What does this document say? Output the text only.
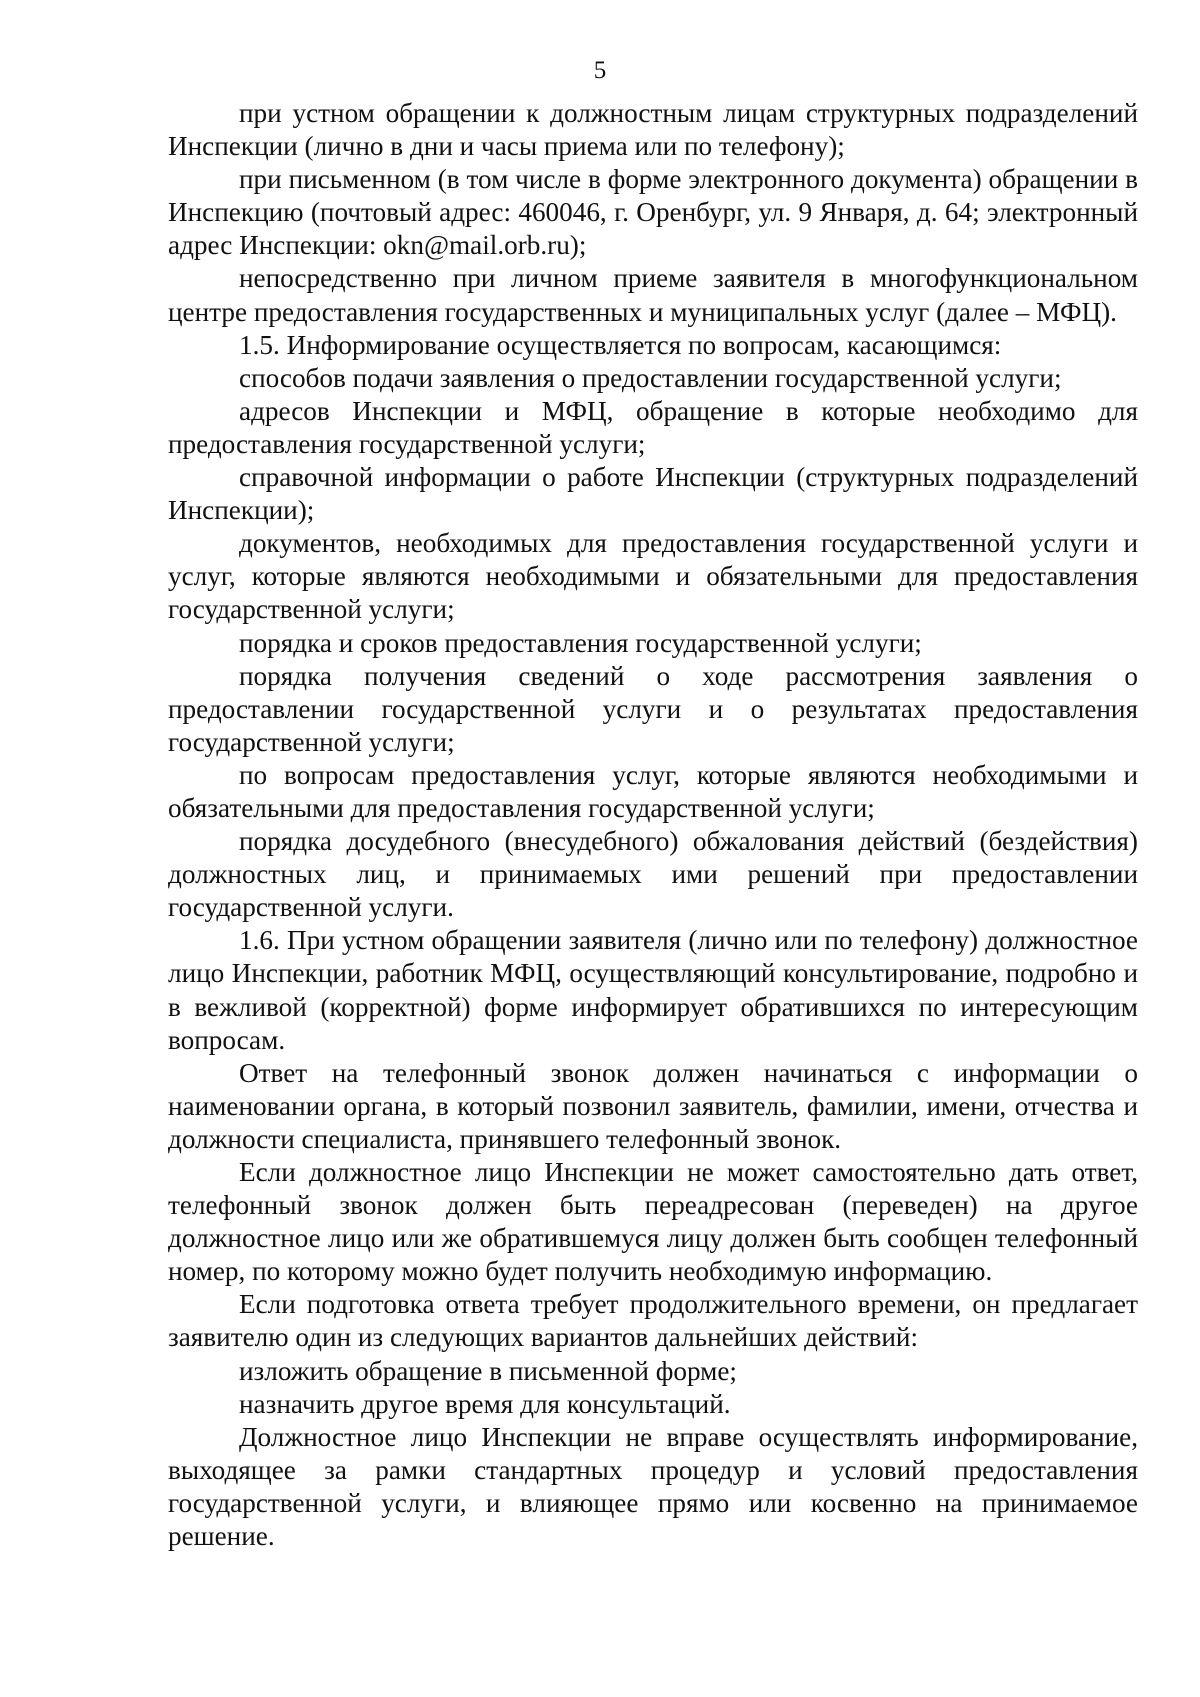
5

при устном обращении к должностным лицам структурных подразделений Инспекции (лично в дни и часы приема или по телефону);

при письменном (в том числе в форме электронного документа) обращении в Инспекцию (почтовый адрес: 460046, г. Оренбург, ул. 9 Января, д. 64; электронный адрес Инспекции: okn@mail.orb.ru);

непосредственно при личном приеме заявителя в многофункциональном центре предоставления государственных и муниципальных услуг (далее – МФЦ).

1.5. Информирование осуществляется по вопросам, касающимся:

способов подачи заявления о предоставлении государственной услуги;

адресов Инспекции и МФЦ, обращение в которые необходимо для предоставления государственной услуги;

справочной информации о работе Инспекции (структурных подразделений Инспекции);

документов, необходимых для предоставления государственной услуги и услуг, которые являются необходимыми и обязательными для предоставления государственной услуги;

порядка и сроков предоставления государственной услуги;

порядка получения сведений о ходе рассмотрения заявления о предоставлении государственной услуги и о результатах предоставления государственной услуги;

по вопросам предоставления услуг, которые являются необходимыми и обязательными для предоставления государственной услуги;

порядка досудебного (внесудебного) обжалования действий (бездействия) должностных лиц, и принимаемых ими решений при предоставлении государственной услуги.

1.6. При устном обращении заявителя (лично или по телефону) должностное лицо Инспекции, работник МФЦ, осуществляющий консультирование, подробно и в вежливой (корректной) форме информирует обратившихся по интересующим вопросам.

Ответ на телефонный звонок должен начинаться с информации о наименовании органа, в который позвонил заявитель, фамилии, имени, отчества и должности специалиста, принявшего телефонный звонок.

Если должностное лицо Инспекции не может самостоятельно дать ответ, телефонный звонок должен быть переадресован (переведен) на другое должностное лицо или же обратившемуся лицу должен быть сообщен телефонный номер, по которому можно будет получить необходимую информацию.

Если подготовка ответа требует продолжительного времени, он предлагает заявителю один из следующих вариантов дальнейших действий:

изложить обращение в письменной форме;

назначить другое время для консультаций.

Должностное лицо Инспекции не вправе осуществлять информирование, выходящее за рамки стандартных процедур и условий предоставления государственной услуги, и влияющее прямо или косвенно на принимаемое решение.
